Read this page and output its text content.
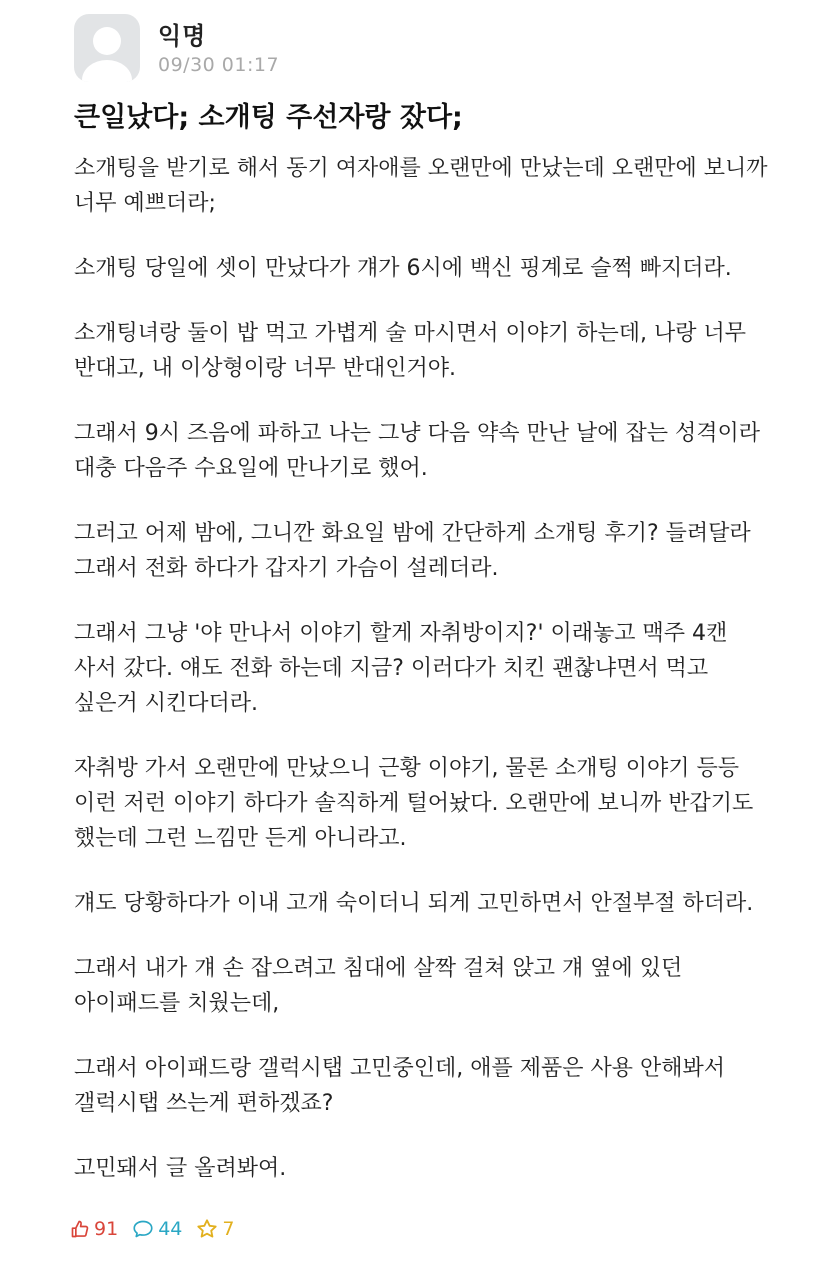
익명
09/30 01:17
큰일났다; 소개팅 주선자랑 잤다;

소개팅을 받기로 해서 동기 여자애를 오랜만에 만났는데 오랜만에 보니까 너무 예쁘더라;

소개팅 당일에 셋이 만났다가 걔가 6시에 백신 핑계로 슬쩍 빠지더라.

소개팅녀랑 둘이 밥 먹고 가볍게 술 마시면서 이야기 하는데, 나랑 너무 반대고, 내 이상형이랑 너무 반대인거야.

그래서 9시 즈음에 파하고 나는 그냥 다음 약속 만난 날에 잡는 성격이라 대충 다음주 수요일에 만나기로 했어.

그러고 어제 밤에, 그니깐 화요일 밤에 간단하게 소개팅 후기? 들려달라 그래서 전화 하다가 갑자기 가슴이 설레더라.

그래서 그냥 '야 만나서 이야기 할게 자취방이지?' 이래놓고 맥주 4캔 사서 갔다. 얘도 전화 하는데 지금? 이러다가 치킨 괜찮냐면서 먹고 싶은거 시킨다더라.

자취방 가서 오랜만에 만났으니 근황 이야기, 물론 소개팅 이야기 등등 이런 저런 이야기 하다가 솔직하게 털어놨다. 오랜만에 보니까 반갑기도 했는데 그런 느낌만 든게 아니라고.

걔도 당황하다가 이내 고개 숙이더니 되게 고민하면서 안절부절 하더라.

그래서 내가 걔 손 잡으려고 침대에 살짝 걸쳐 앉고 걔 옆에 있던 아이패드를 치웠는데,

그래서 아이패드랑 갤럭시탭 고민중인데, 애플 제품은 사용 안해봐서 갤럭시탭 쓰는게 편하겠죠?

고민돼서 글 올려봐여.

91 44 7
